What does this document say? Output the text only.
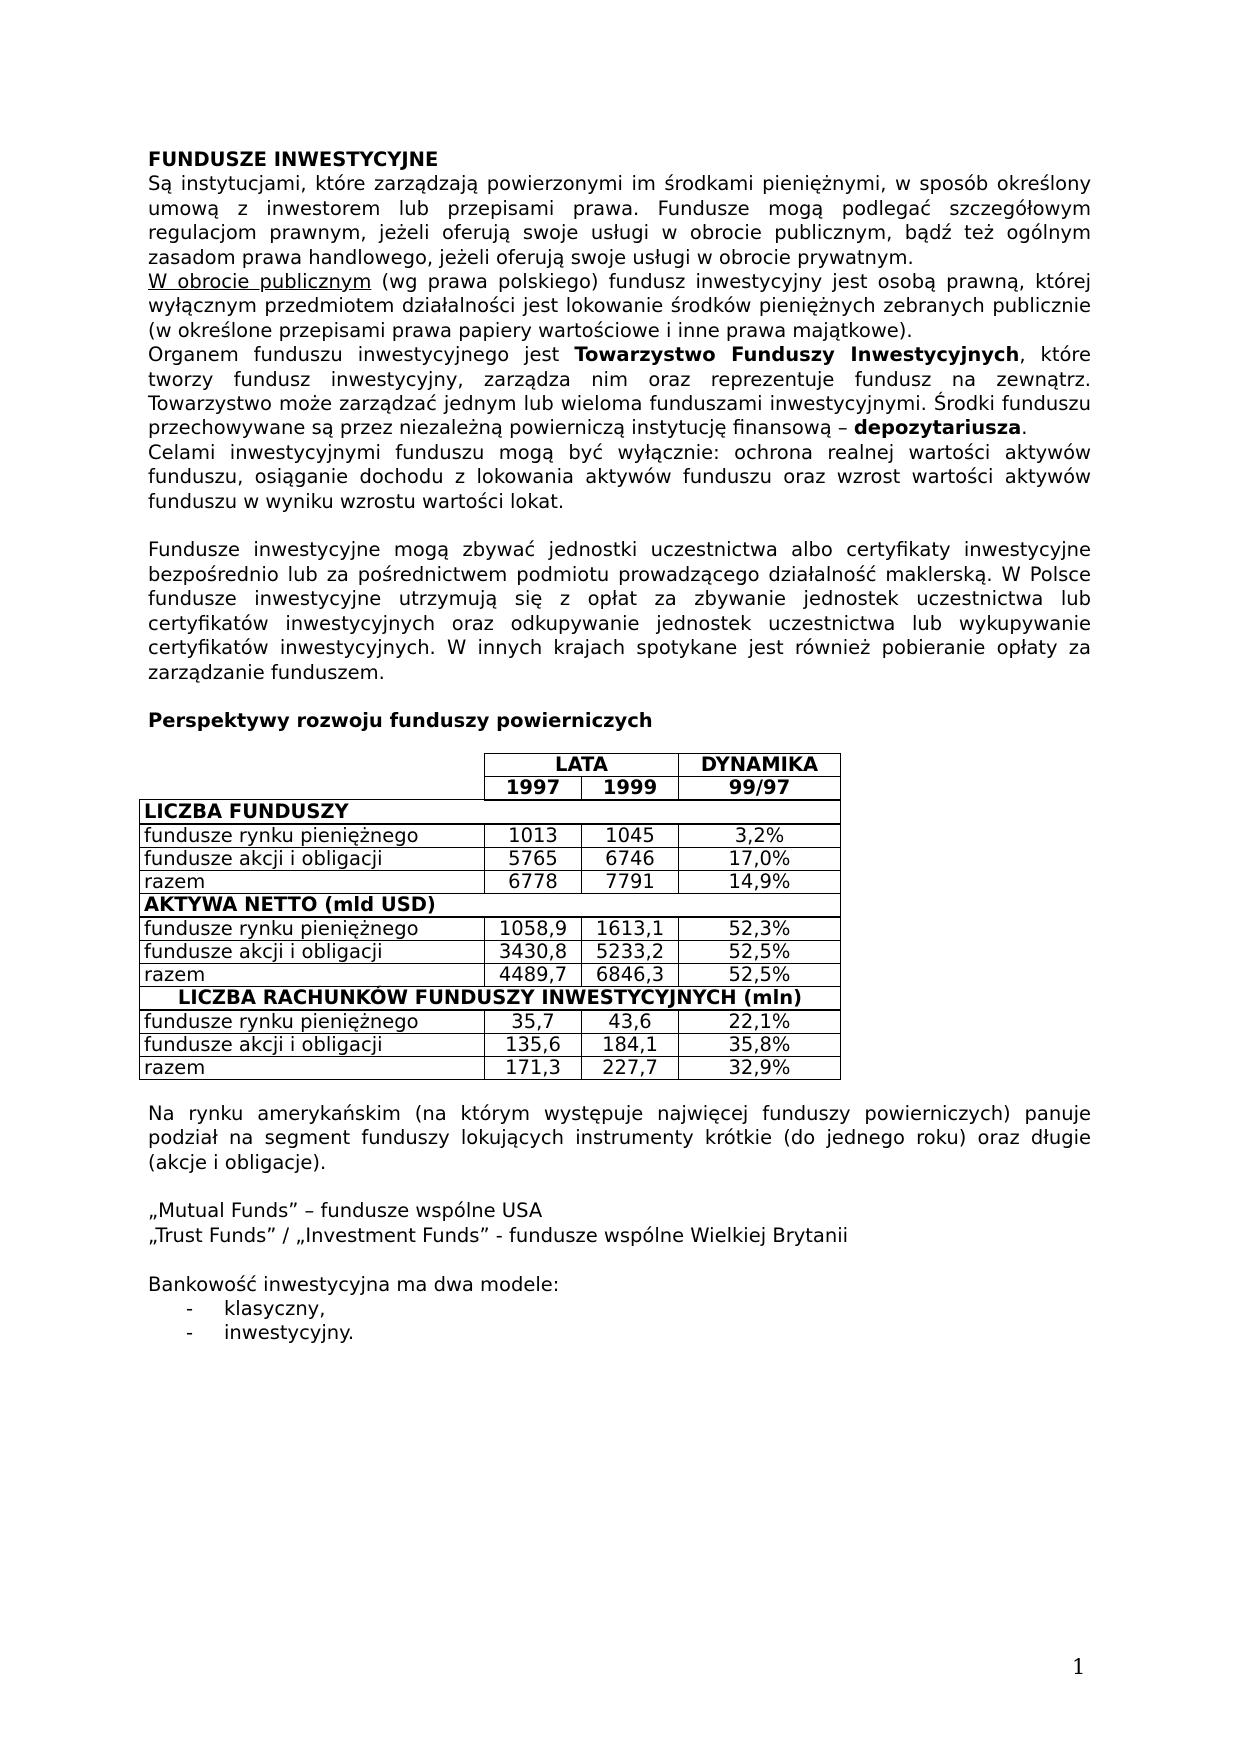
FUNDUSZE INWESTYCYJNE

Są instytucjami, które zarządzają powierzonymi im środkami pieniężnymi, w sposób określony umową z inwestorem lub przepisami prawa. Fundusze mogą podlegać szczegółowym regulacjom prawnym, jeżeli oferują swoje usługi w obrocie publicznym, bądź też ogólnym zasadom prawa handlowego, jeżeli oferują swoje usługi w obrocie prywatnym.

W obrocie publicznym (wg prawa polskiego) fundusz inwestycyjny jest osobą prawną, której wyłącznym przedmiotem działalności jest lokowanie środków pieniężnych zebranych publicznie (w określone przepisami prawa papiery wartościowe i inne prawa majątkowe).

Organem funduszu inwestycyjnego jest Towarzystwo Funduszy Inwestycyjnych, które tworzy fundusz inwestycyjny, zarządza nim oraz reprezentuje fundusz na zewnątrz. Towarzystwo może zarządzać jednym lub wieloma funduszami inwestycyjnymi. Środki funduszu przechowywane są przez niezależną powierniczą instytucję finansową – depozytariusza.

Celami inwestycyjnymi funduszu mogą być wyłącznie: ochrona realnej wartości aktywów funduszu, osiąganie dochodu z lokowania aktywów funduszu oraz wzrost wartości aktywów funduszu w wyniku wzrostu wartości lokat.

Fundusze inwestycyjne mogą zbywać jednostki uczestnictwa albo certyfikaty inwestycyjne bezpośrednio lub za pośrednictwem podmiotu prowadzącego działalność maklerską. W Polsce fundusze inwestycyjne utrzymują się z opłat za zbywanie jednostek uczestnictwa lub certyfikatów inwestycyjnych oraz odkupywanie jednostek uczestnictwa lub wykupywanie certyfikatów inwestycyjnych. W innych krajach spotykane jest również pobieranie opłaty za zarządzanie funduszem.

Perspektywy rozwoju funduszy powierniczych

	LATA		DYNAMIKA
	1997	1999	99/97
LICZBA FUNDUSZY			
fundusze rynku pieniężnego	1013	1045	3,2%
fundusze akcji i obligacji	5765	6746	17,0%
razem	6778	7791	14,9%
AKTYWA NETTO (mld USD)			
fundusze rynku pieniężnego	1058,9	1613,1	52,3%
fundusze akcji i obligacji	3430,8	5233,2	52,5%
razem	4489,7	6846,3	52,5%
LICZBA RACHUNKÓW FUNDUSZY INWESTYCYJNYCH (mln)			
fundusze rynku pieniężnego	35,7	43,6	22,1%
fundusze akcji i obligacji	135,6	184,1	35,8%
razem	171,3	227,7	32,9%

Na rynku amerykańskim (na którym występuje najwięcej funduszy powierniczych) panuje podział na segment funduszy lokujących instrumenty krótkie (do jednego roku) oraz długie (akcje i obligacje).

„Mutual Funds” – fundusze wspólne USA

„Trust Funds” / „Investment Funds” - fundusze wspólne Wielkiej Brytanii

Bankowość inwestycyjna ma dwa modele:

- klasyczny,

- inwestycyjny.

1
